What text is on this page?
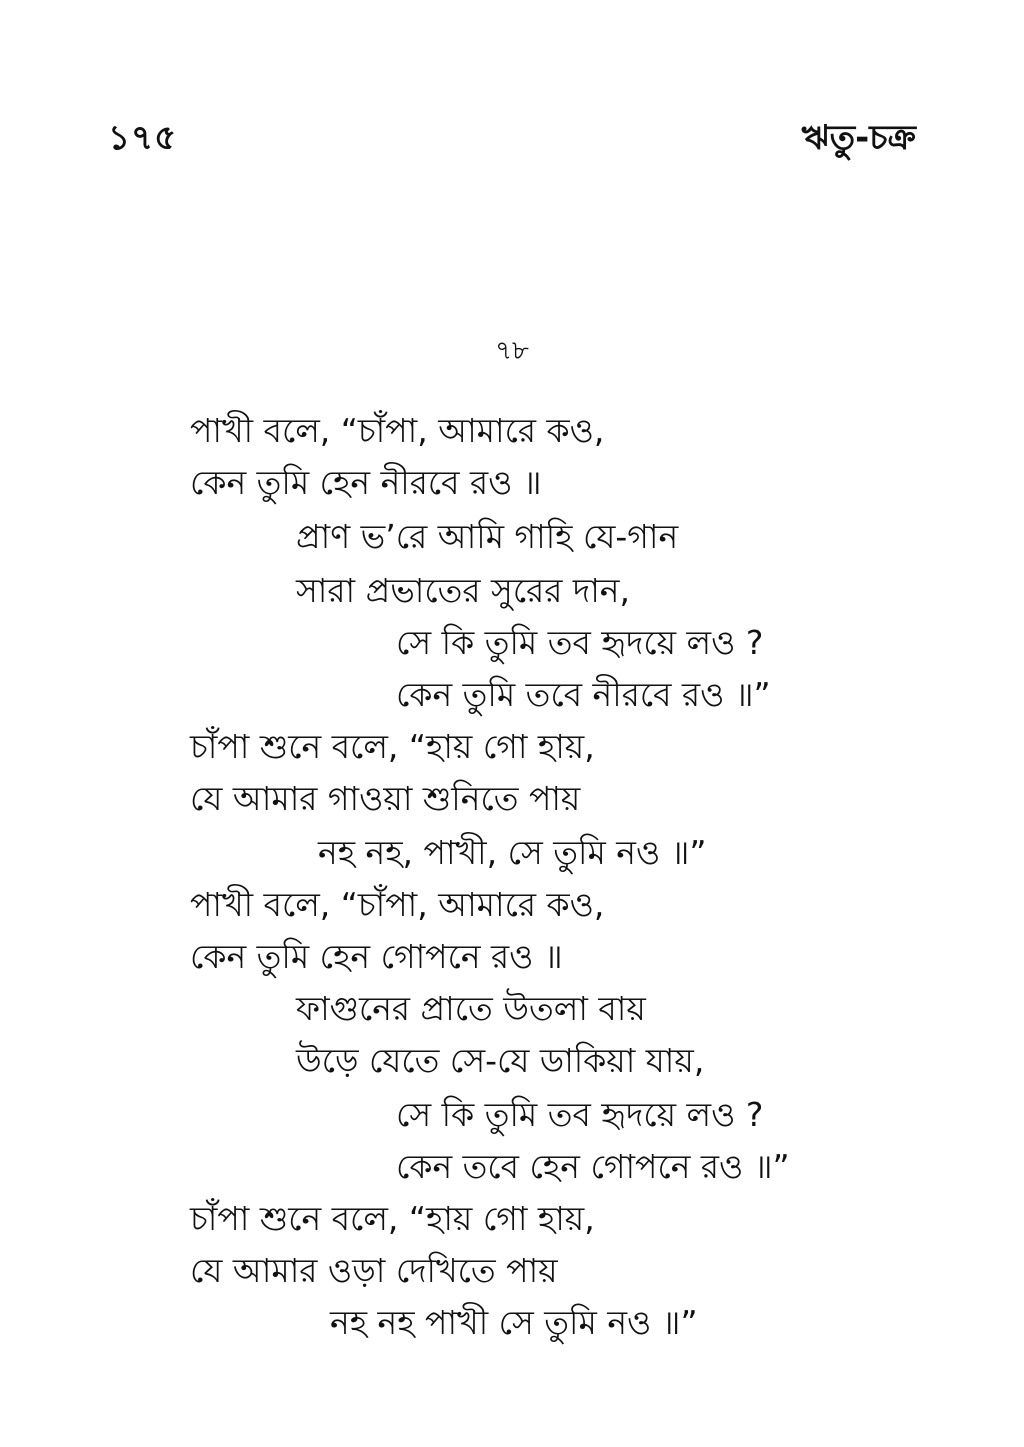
১৭৫	ঋতু-চক্র
৭৮
পাখী বলে, “চাঁপা, আমারে কও,
কেন তুমি হেন নীরবে রও ॥
প্রাণ ভ’রে আমি গাহি যে-গান
সারা প্রভাতের সুরের দান,
সে কি তুমি তব হৃদয়ে লও ?
কেন তুমি তবে নীরবে রও ॥”
চাঁপা শুনে বলে, “হায় গো হায়,
যে আমার গাওয়া শুনিতে পায়
নহ নহ, পাখী, সে তুমি নও ॥”
পাখী বলে, “চাঁপা, আমারে কও,
কেন তুমি হেন গোপনে রও ॥
ফাগুনের প্রাতে উতলা বায়
উড়ে যেতে সে-যে ডাকিয়া যায়,
সে কি তুমি তব হৃদয়ে লও ?
কেন তবে হেন গোপনে রও ॥”
চাঁপা শুনে বলে, “হায় গো হায়,
যে আমার ওড়া দেখিতে পায়
নহ নহ পাখী সে তুমি নও ॥”
